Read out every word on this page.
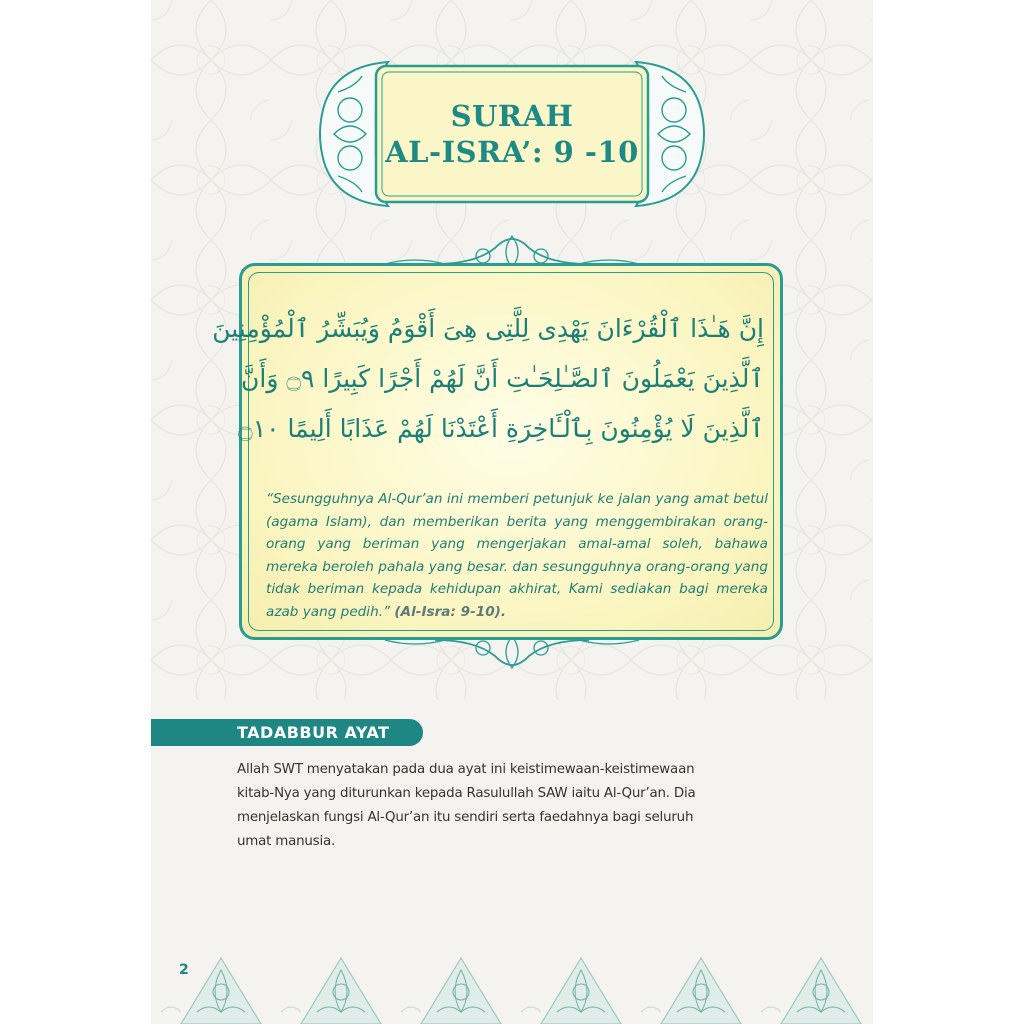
SURAH
AL-ISRA’: 9 -10
إِنَّ هَـٰذَا ٱلْقُرْءَانَ يَهْدِى لِلَّتِى هِىَ أَقْوَمُ وَيُبَشِّرُ ٱلْمُؤْمِنِينَ
ٱلَّذِينَ يَعْمَلُونَ ٱلصَّـٰلِحَـٰتِ أَنَّ لَهُمْ أَجْرًا كَبِيرًا ۝٩ وَأَنَّ
ٱلَّذِينَ لَا يُؤْمِنُونَ بِٱلْـَٔاخِرَةِ أَعْتَدْنَا لَهُمْ عَذَابًا أَلِيمًا ۝١٠
“Sesungguhnya Al-Qur’an ini memberi petunjuk ke jalan yang amat betul (agama Islam), dan memberikan berita yang menggembirakan orang-orang yang beriman yang mengerjakan amal-amal soleh, bahawa mereka beroleh pahala yang besar. dan sesungguhnya orang-orang yang tidak beriman kepada kehidupan akhirat, Kami sediakan bagi mereka azab yang pedih.” (Al-Isra: 9-10).
TADABBUR AYAT
Allah SWT menyatakan pada dua ayat ini keistimewaan-keistimewaan
kitab-Nya yang diturunkan kepada Rasulullah SAW iaitu Al-Qur’an. Dia
menjelaskan fungsi Al-Qur’an itu sendiri serta faedahnya bagi seluruh
umat manusia.
